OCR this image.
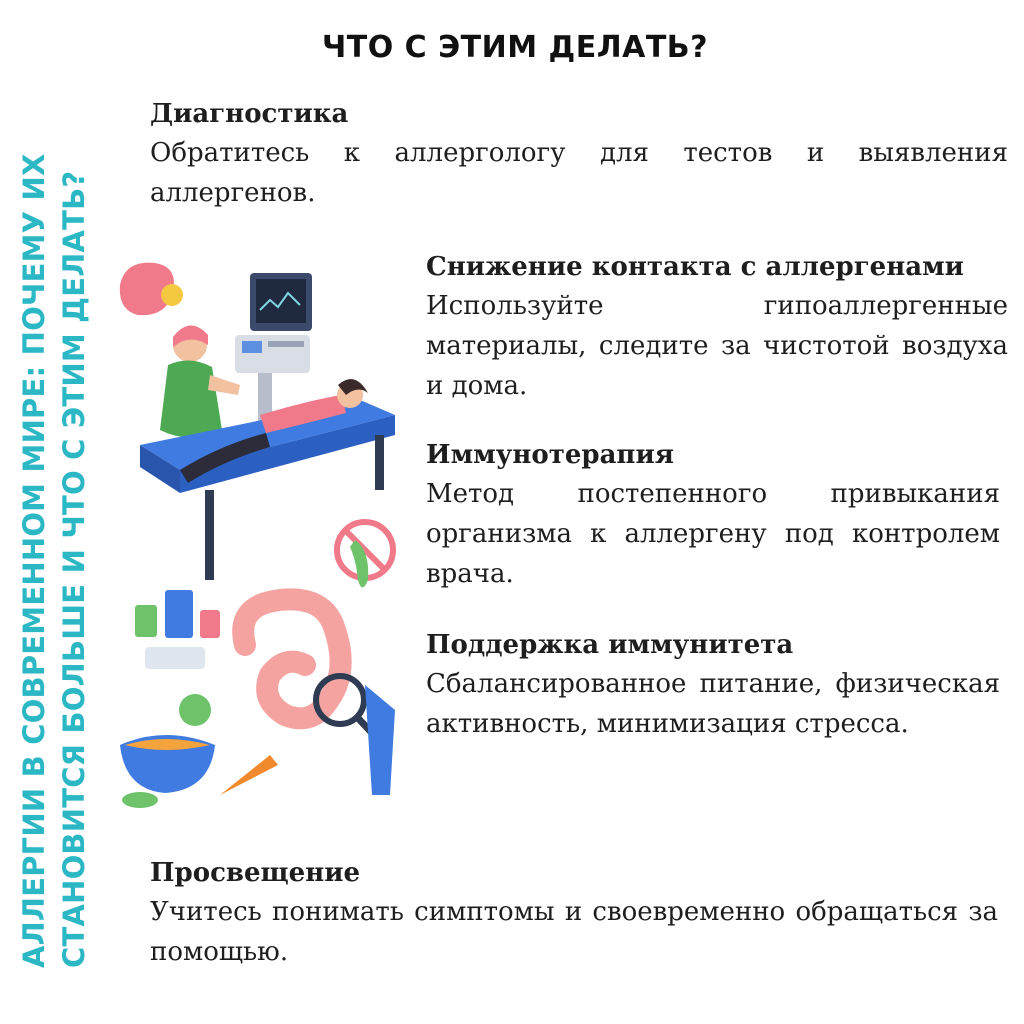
АЛЛЕРГИИ В СОВРЕМЕННОМ МИРЕ: ПОЧЕМУ ИХ СТАНОВИТСЯ БОЛЬШЕ И ЧТО С ЭТИМ ДЕЛАТЬ?
ЧТО С ЭТИМ ДЕЛАТЬ?
Диагностика

Обратитесь к аллергологу для тестов и выявления аллергенов.

Снижение контакта с аллергенами

Используйте гипоаллергенные материалы, следите за чистотой воздуха и дома.

Иммунотерапия

Метод постепенного привыкания организма к аллергену под контролем врача.

Поддержка иммунитета

Сбалансированное питание, физическая активность, минимизация стресса.

Просвещение

Учитесь понимать симптомы и своевременно обращаться за помощью.
